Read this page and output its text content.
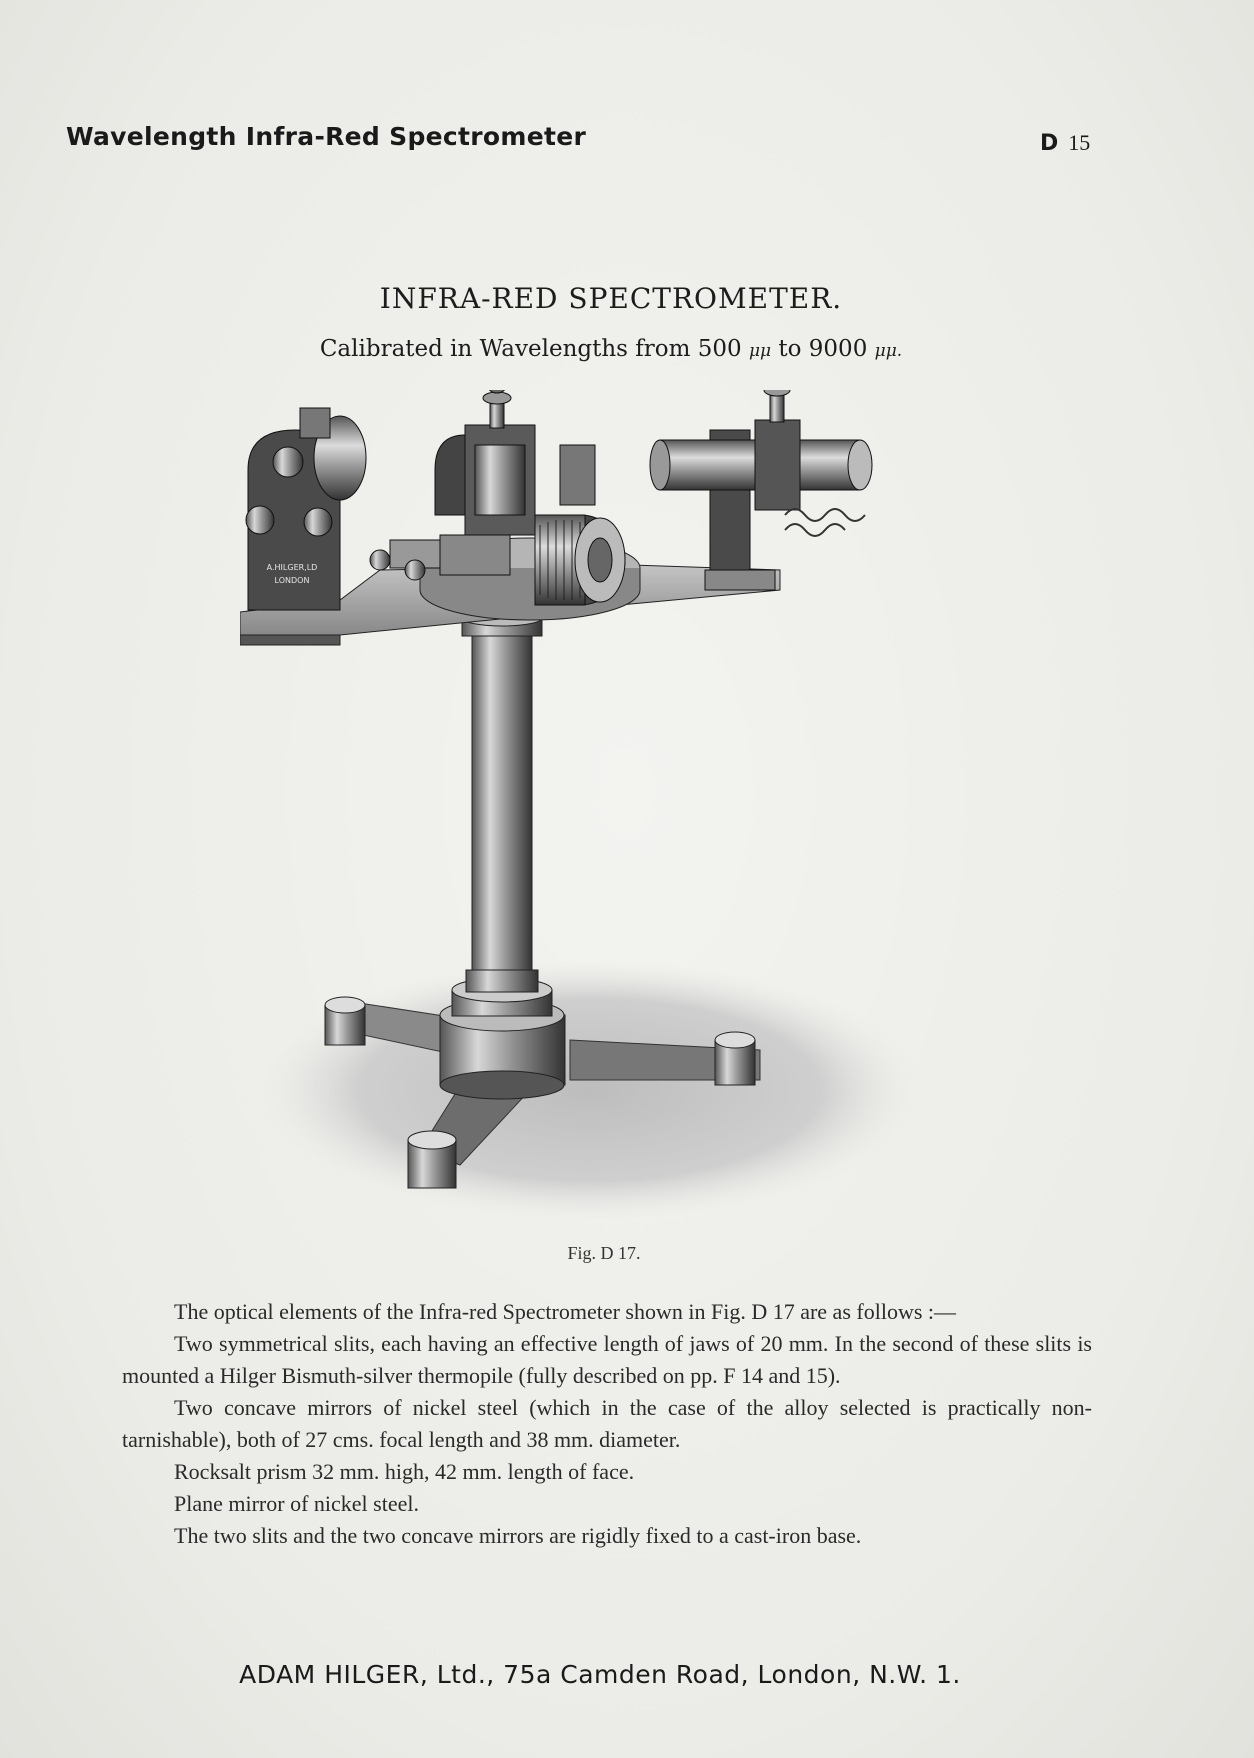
Wavelength Infra-Red Spectrometer	D 15
INFRA-RED SPECTROMETER.
Calibrated in Wavelengths from 500 μμ to 9000 μμ.
A.HILGER,LD
LONDON
Fig. D 17.

The optical elements of the Infra-red Spectrometer shown in Fig. D 17 are as follows :—

Two symmetrical slits, each having an effective length of jaws of 20 mm. In the second of these slits is mounted a Hilger Bismuth-silver thermopile (fully described on pp. F 14 and 15).

Two concave mirrors of nickel steel (which in the case of the alloy selected is practically non-tarnishable), both of 27 cms. focal length and 38 mm. diameter.

Rocksalt prism 32 mm. high, 42 mm. length of face.

Plane mirror of nickel steel.

The two slits and the two concave mirrors are rigidly fixed to a cast-iron base.

ADAM HILGER, Ltd., 75a Camden Road, London, N.W. 1.
